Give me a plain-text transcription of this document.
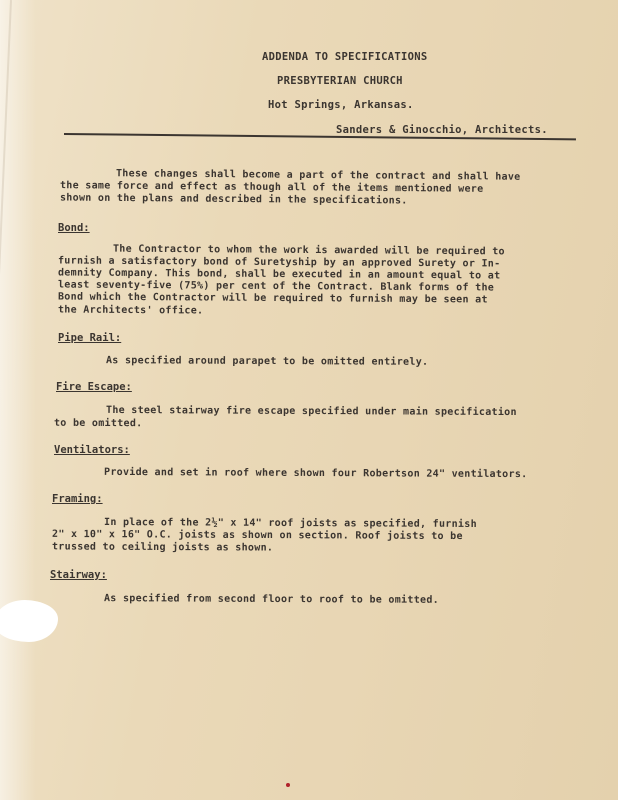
ADDENDA TO SPECIFICATIONS
PRESBYTERIAN CHURCH
Hot Springs, Arkansas.
Sanders & Ginocchio, Architects.
These changes shall become a part of the contract and shall have
the same force and effect as though all of the items mentioned were
shown on the plans and described in the specifications.
Bond:
The Contractor to whom the work is awarded will be required to
furnish a satisfactory bond of Suretyship by an approved Surety or In-
demnity Company. This bond, shall be executed in an amount equal to at
least seventy-five (75%) per cent of the Contract. Blank forms of the
Bond which the Contractor will be required to furnish may be seen at
the Architects' office.
Pipe Rail:
As specified around parapet to be omitted entirely.
Fire Escape:
The steel stairway fire escape specified under main specification
to be omitted.
Ventilators:
Provide and set in roof where shown four Robertson 24" ventilators.
Framing:
In place of the 2½" x 14" roof joists as specified, furnish
2" x 10" x 16" O.C. joists as shown on section. Roof joists to be
trussed to ceiling joists as shown.
Stairway:
As specified from second floor to roof to be omitted.
